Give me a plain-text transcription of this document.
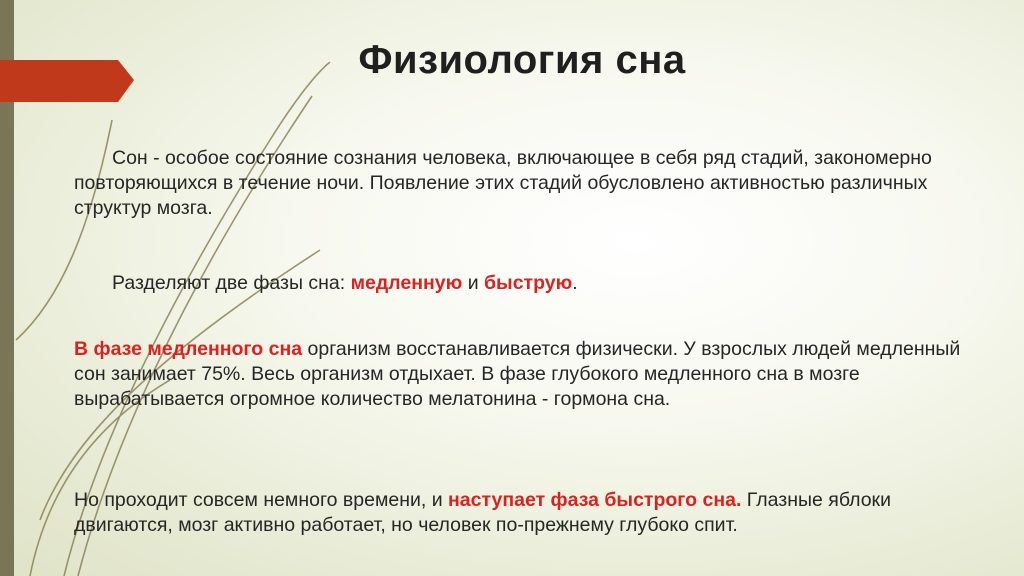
Физиология сна
Сон - особое состояние сознания человека, включающее в себя ряд стадий, закономерно повторяющихся в течение ночи. Появление этих стадий обусловлено активностью различных структур мозга.
Разделяют две фазы сна: медленную и быструю.
В фазе медленного сна организм восстанавливается физически. У взрослых людей медленный сон занимает 75%. Весь организм отдыхает. В фазе глубокого медленного сна в мозге вырабатывается огромное количество мелатонина - гормона сна.
Но проходит совсем немного времени, и наступает фаза быстрого сна. Глазные яблоки двигаются, мозг активно работает, но человек по-прежнему глубоко спит.
